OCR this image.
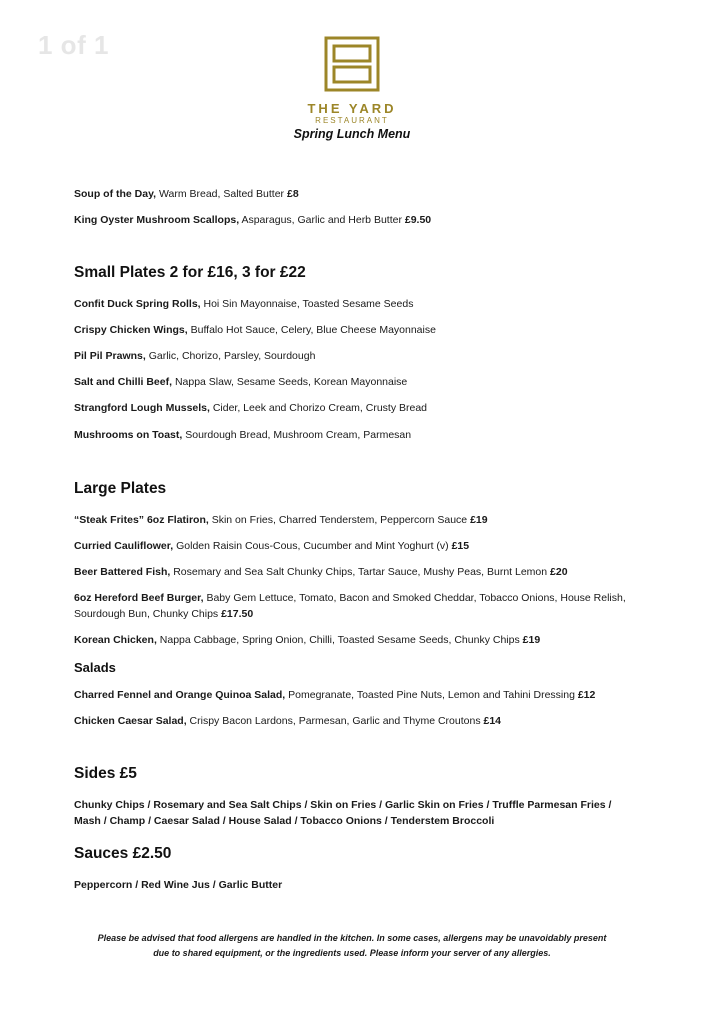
1 of 1
THE YARD
RESTAURANT
Spring Lunch Menu
Soup of the Day, Warm Bread, Salted Butter £8
King Oyster Mushroom Scallops, Asparagus, Garlic and Herb Butter £9.50
Small Plates 2 for £16, 3 for £22
Confit Duck Spring Rolls, Hoi Sin Mayonnaise, Toasted Sesame Seeds
Crispy Chicken Wings, Buffalo Hot Sauce, Celery, Blue Cheese Mayonnaise
Pil Pil Prawns, Garlic, Chorizo, Parsley, Sourdough
Salt and Chilli Beef, Nappa Slaw, Sesame Seeds, Korean Mayonnaise
Strangford Lough Mussels, Cider, Leek and Chorizo Cream, Crusty Bread
Mushrooms on Toast, Sourdough Bread, Mushroom Cream, Parmesan
Large Plates
“Steak Frites” 6oz Flatiron, Skin on Fries, Charred Tenderstem, Peppercorn Sauce £19
Curried Cauliflower, Golden Raisin Cous-Cous, Cucumber and Mint Yoghurt (v) £15
Beer Battered Fish, Rosemary and Sea Salt Chunky Chips, Tartar Sauce, Mushy Peas, Burnt Lemon £20
6oz Hereford Beef Burger, Baby Gem Lettuce, Tomato, Bacon and Smoked Cheddar, Tobacco Onions, House Relish, Sourdough Bun, Chunky Chips £17.50
Korean Chicken, Nappa Cabbage, Spring Onion, Chilli, Toasted Sesame Seeds, Chunky Chips £19
Salads
Charred Fennel and Orange Quinoa Salad, Pomegranate, Toasted Pine Nuts, Lemon and Tahini Dressing £12
Chicken Caesar Salad, Crispy Bacon Lardons, Parmesan, Garlic and Thyme Croutons £14
Sides £5
Chunky Chips / Rosemary and Sea Salt Chips / Skin on Fries / Garlic Skin on Fries / Truffle Parmesan Fries / Mash / Champ / Caesar Salad / House Salad / Tobacco Onions / Tenderstem Broccoli
Sauces £2.50
Peppercorn / Red Wine Jus / Garlic Butter
Please be advised that food allergens are handled in the kitchen. In some cases, allergens may be unavoidably present
due to shared equipment, or the ingredients used. Please inform your server of any allergies.
